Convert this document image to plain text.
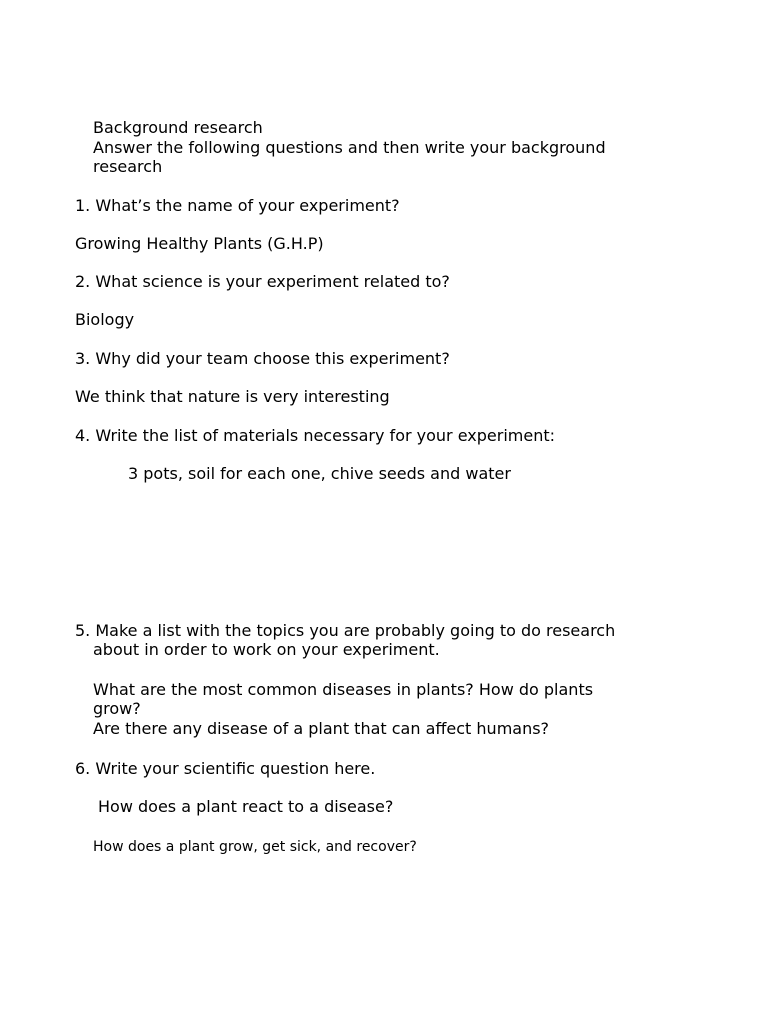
Background research

Answer the following questions and then write your background

research

1. What’s the name of your experiment?

Growing Healthy Plants (G.H.P)

2. What science is your experiment related to?

Biology

3. Why did your team choose this experiment?

We think that nature is very interesting

4. Write the list of materials necessary for your experiment:

3 pots, soil for each one, chive seeds and water

5. Make a list with the topics you are probably going to do research

about in order to work on your experiment.

What are the most common diseases in plants? How do plants

grow?

Are there any disease of a plant that can affect humans?

6. Write your scientific question here.

How does a plant react to a disease?

How does a plant grow, get sick, and recover?
